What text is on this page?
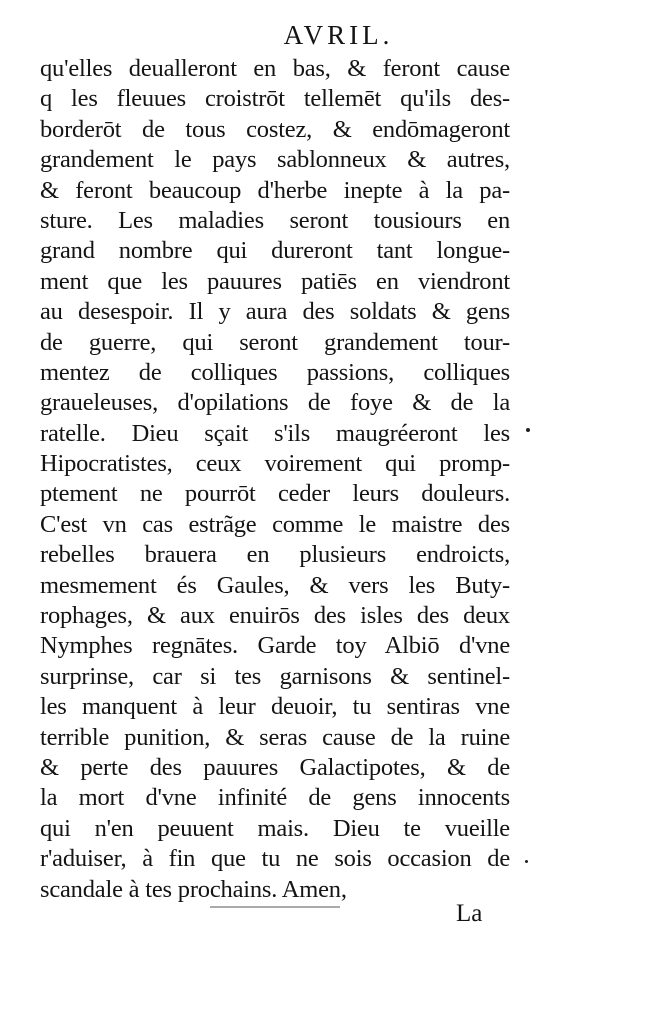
AVRIL.
qu'elles deualleront en bas, & feront cause
q les fleuues croistrōt tellemēt qu'ils des-
borderōt de tous costez, & endōmageront
grandement le pays sablonneux & autres,
& feront beaucoup d'herbe inepte à la pa-
sture. Les maladies seront tousiours en
grand nombre qui dureront tant longue-
ment que les pauures patiēs en viendront
au desespoir. Il y aura des soldats & gens
de guerre, qui seront grandement tour-
mentez de colliques passions, colliques
graueleuses, d'opilations de foye & de la
ratelle. Dieu sçait s'ils maugréeront les
Hipocratistes, ceux voirement qui promp-
ptement ne pourrōt ceder leurs douleurs.
C'est vn cas estrãge comme le maistre des
rebelles brauera en plusieurs endroicts,
mesmement és Gaules, & vers les Buty-
rophages, & aux enuirōs des isles des deux
Nymphes regnātes. Garde toy Albiō d'vne
surprinse, car si tes garnisons & sentinel-
les manquent à leur deuoir, tu sentiras vne
terrible punition, & seras cause de la ruine
& perte des pauures Galactipotes, & de
la mort d'vne infinité de gens innocents
qui n'en peuuent mais. Dieu te vueille
r'aduiser, à fin que tu ne sois occasion de
scandale à tes prochains. Amen,
La
